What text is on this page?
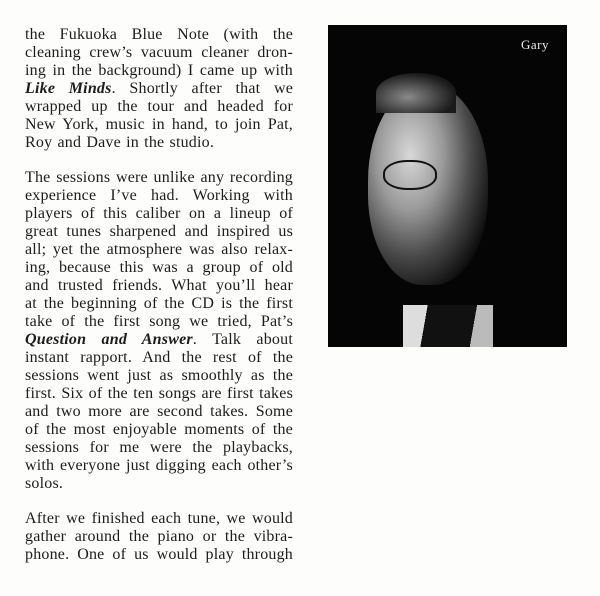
the Fukuoka Blue Note (with the
cleaning crew’s vacuum cleaner dron-
ing in the background) I came up with
Like Minds. Shortly after that we
wrapped up the tour and headed for
New York, music in hand, to join Pat,
Roy and Dave in the studio.
The sessions were unlike any recording
experience I’ve had. Working with
players of this caliber on a lineup of
great tunes sharpened and inspired us
all; yet the atmosphere was also relax-
ing, because this was a group of old
and trusted friends. What you’ll hear
at the beginning of the CD is the first
take of the first song we tried, Pat’s
Question and Answer. Talk about
instant rapport. And the rest of the
sessions went just as smoothly as the
first. Six of the ten songs are first takes
and two more are second takes. Some
of the most enjoyable moments of the
sessions for me were the playbacks,
with everyone just digging each other’s
solos.
After we finished each tune, we would
gather around the piano or the vibra-
phone. One of us would play through
Gary
